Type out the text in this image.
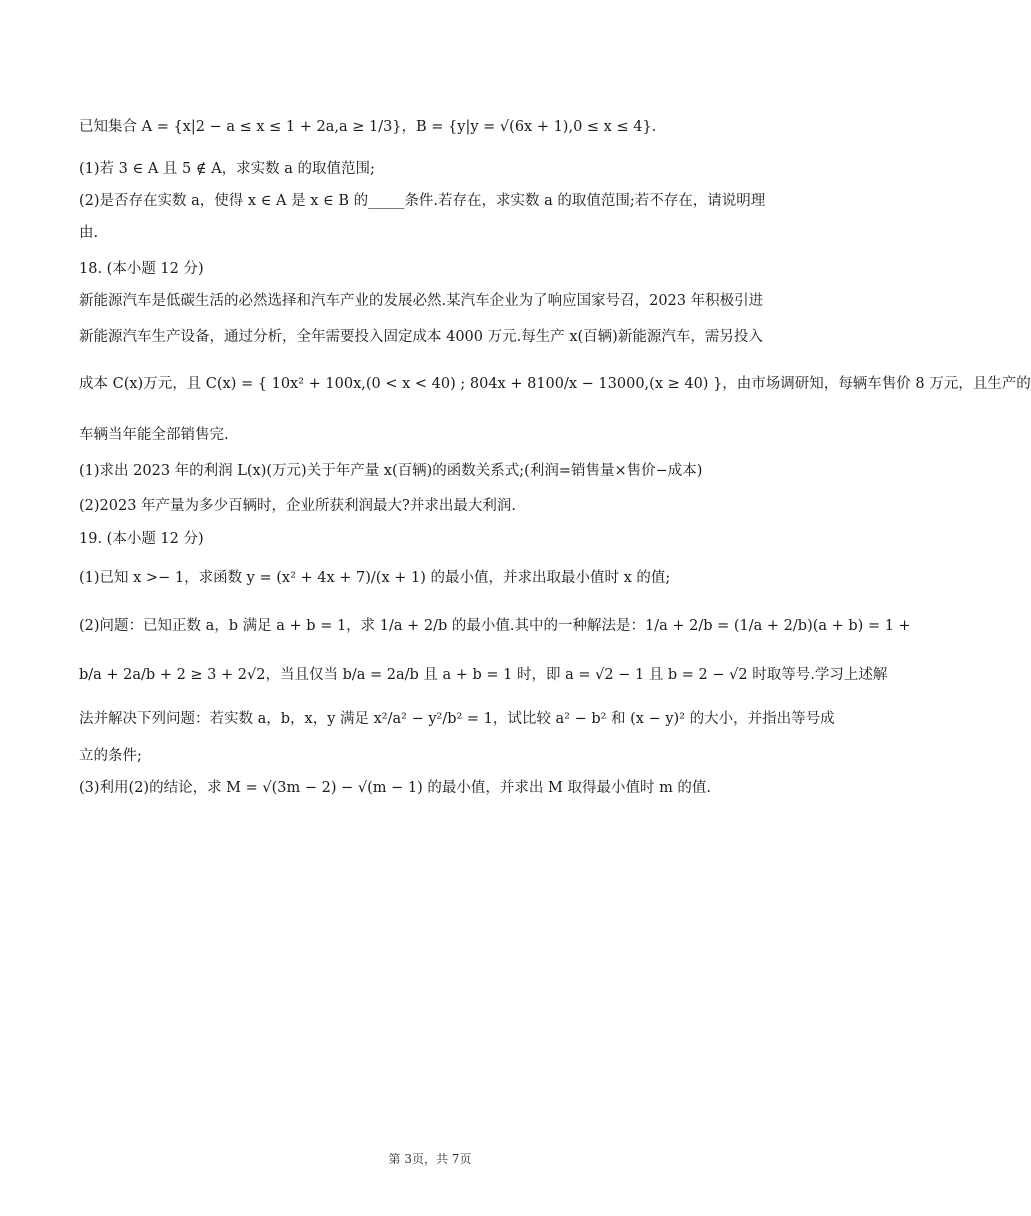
已知集合 A = {x|2 − a ≤ x ≤ 1 + 2a,a ≥ 1/3}，B = {y|y = √(6x + 1),0 ≤ x ≤ 4}.
(1)若 3 ∈ A 且 5 ∉ A，求实数 a 的取值范围;
(2)是否存在实数 a，使得 x ∈ A 是 x ∈ B 的_____条件.若存在，求实数 a 的取值范围;若不存在，请说明理
由.
18. (本小题 12 分)
新能源汽车是低碳生活的必然选择和汽车产业的发展必然.某汽车企业为了响应国家号召，2023 年积极引进
新能源汽车生产设备，通过分析，全年需要投入固定成本 4000 万元.每生产 x(百辆)新能源汽车，需另投入
成本 C(x)万元，且 C(x) = { 10x² + 100x,(0 < x < 40) ; 804x + 8100/x − 13000,(x ≥ 40) }，由市场调研知，每辆车售价 8 万元，且生产的
车辆当年能全部销售完.
(1)求出 2023 年的利润 L(x)(万元)关于年产量 x(百辆)的函数关系式;(利润=销售量×售价−成本)
(2)2023 年产量为多少百辆时，企业所获利润最大?并求出最大利润.
19. (本小题 12 分)
(1)已知 x >− 1，求函数 y = (x² + 4x + 7)/(x + 1) 的最小值，并求出取最小值时 x 的值;
(2)问题：已知正数 a，b 满足 a + b = 1，求 1/a + 2/b 的最小值.其中的一种解法是：1/a + 2/b = (1/a + 2/b)(a + b) = 1 +
b/a + 2a/b + 2 ≥ 3 + 2√2，当且仅当 b/a = 2a/b 且 a + b = 1 时，即 a = √2 − 1 且 b = 2 − √2 时取等号.学习上述解
法并解决下列问题：若实数 a，b，x，y 满足 x²/a² − y²/b² = 1，试比较 a² − b² 和 (x − y)² 的大小，并指出等号成
立的条件;
(3)利用(2)的结论，求 M = √(3m − 2) − √(m − 1) 的最小值，并求出 M 取得最小值时 m 的值.
第 3页，共 7页
